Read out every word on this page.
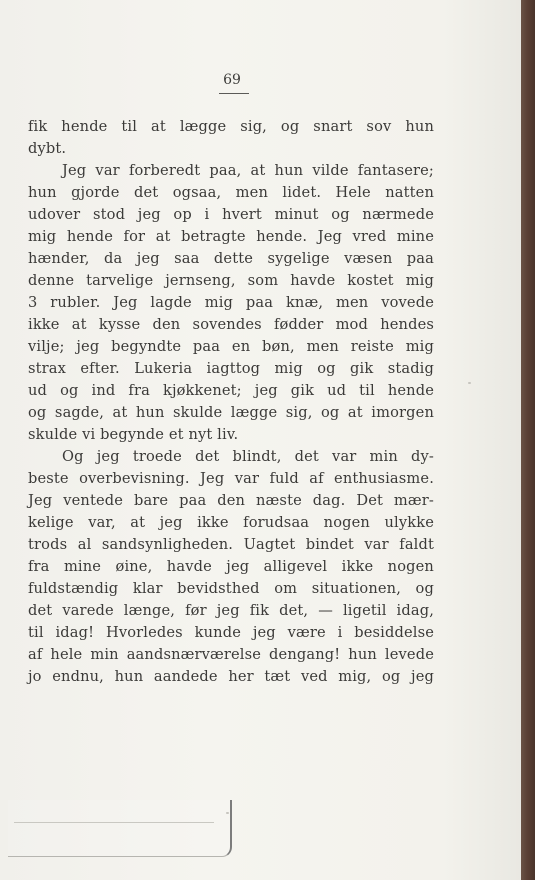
69
fik hende til at lægge sig, og snart sov hun
dybt.
Jeg var forberedt paa, at hun vilde fantasere;
hun gjorde det ogsaa, men lidet. Hele natten
udover stod jeg op i hvert minut og nærmede
mig hende for at betragte hende. Jeg vred mine
hænder, da jeg saa dette sygelige væsen paa
denne tarvelige jernseng, som havde kostet mig
3 rubler. Jeg lagde mig paa knæ, men vovede
ikke at kysse den sovendes fødder mod hendes
vilje; jeg begyndte paa en bøn, men reiste mig
strax efter. Lukeria iagttog mig og gik stadig
ud og ind fra kjøkkenet; jeg gik ud til hende
og sagde, at hun skulde lægge sig, og at imorgen
skulde vi begynde et nyt liv.
Og jeg troede det blindt, det var min dy-
beste overbevisning. Jeg var fuld af enthusiasme.
Jeg ventede bare paa den næste dag. Det mær-
kelige var, at jeg ikke forudsaa nogen ulykke
trods al sandsynligheden. Uagtet bindet var faldt
fra mine øine, havde jeg alligevel ikke nogen
fuldstændig klar bevidsthed om situationen, og
det varede længe, før jeg fik det, — ligetil idag,
til idag! Hvorledes kunde jeg være i besiddelse
af hele min aandsnærværelse dengang! hun levede
jo endnu, hun aandede her tæt ved mig, og jeg
